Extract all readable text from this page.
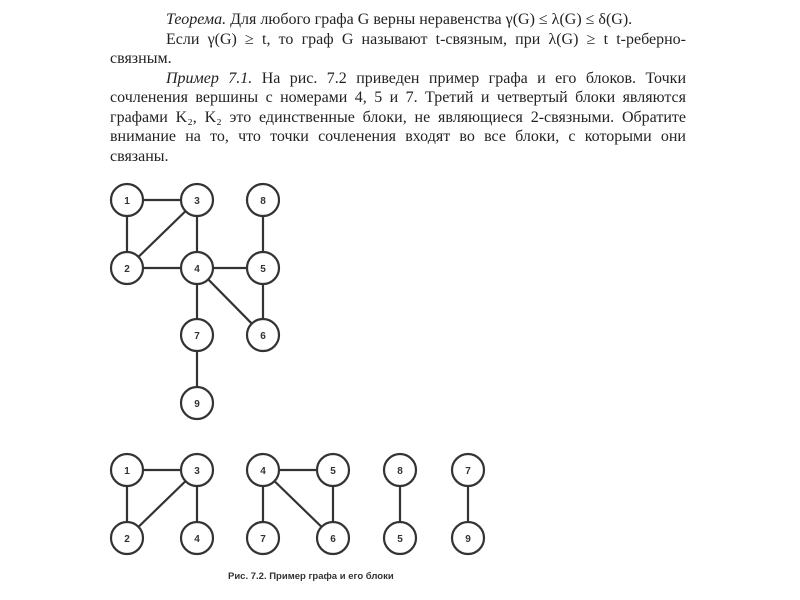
Теорема. Для любого графа G верны неравенства γ(G) ≤ λ(G) ≤ δ(G).

Если γ(G) ≥ t, то граф G называют t-связным, при λ(G) ≥ t t-реберно-связным.

Пример 7.1. На рис. 7.2 приведен пример графа и его блоков. Точки сочленения вершины с номерами 4, 5 и 7. Третий и четвертый блоки являются графами K₂, K₂ это единственные блоки, не являющиеся 2-связными. Обратите внимание на то, что точки сочленения входят во все блоки, с которыми они связаны.

1
2
3
4	5
6
7
8
9
1	3
2	4
4	5
7	6
8
5
7
9
Рис. 7.2. Пример графа и его блоки
